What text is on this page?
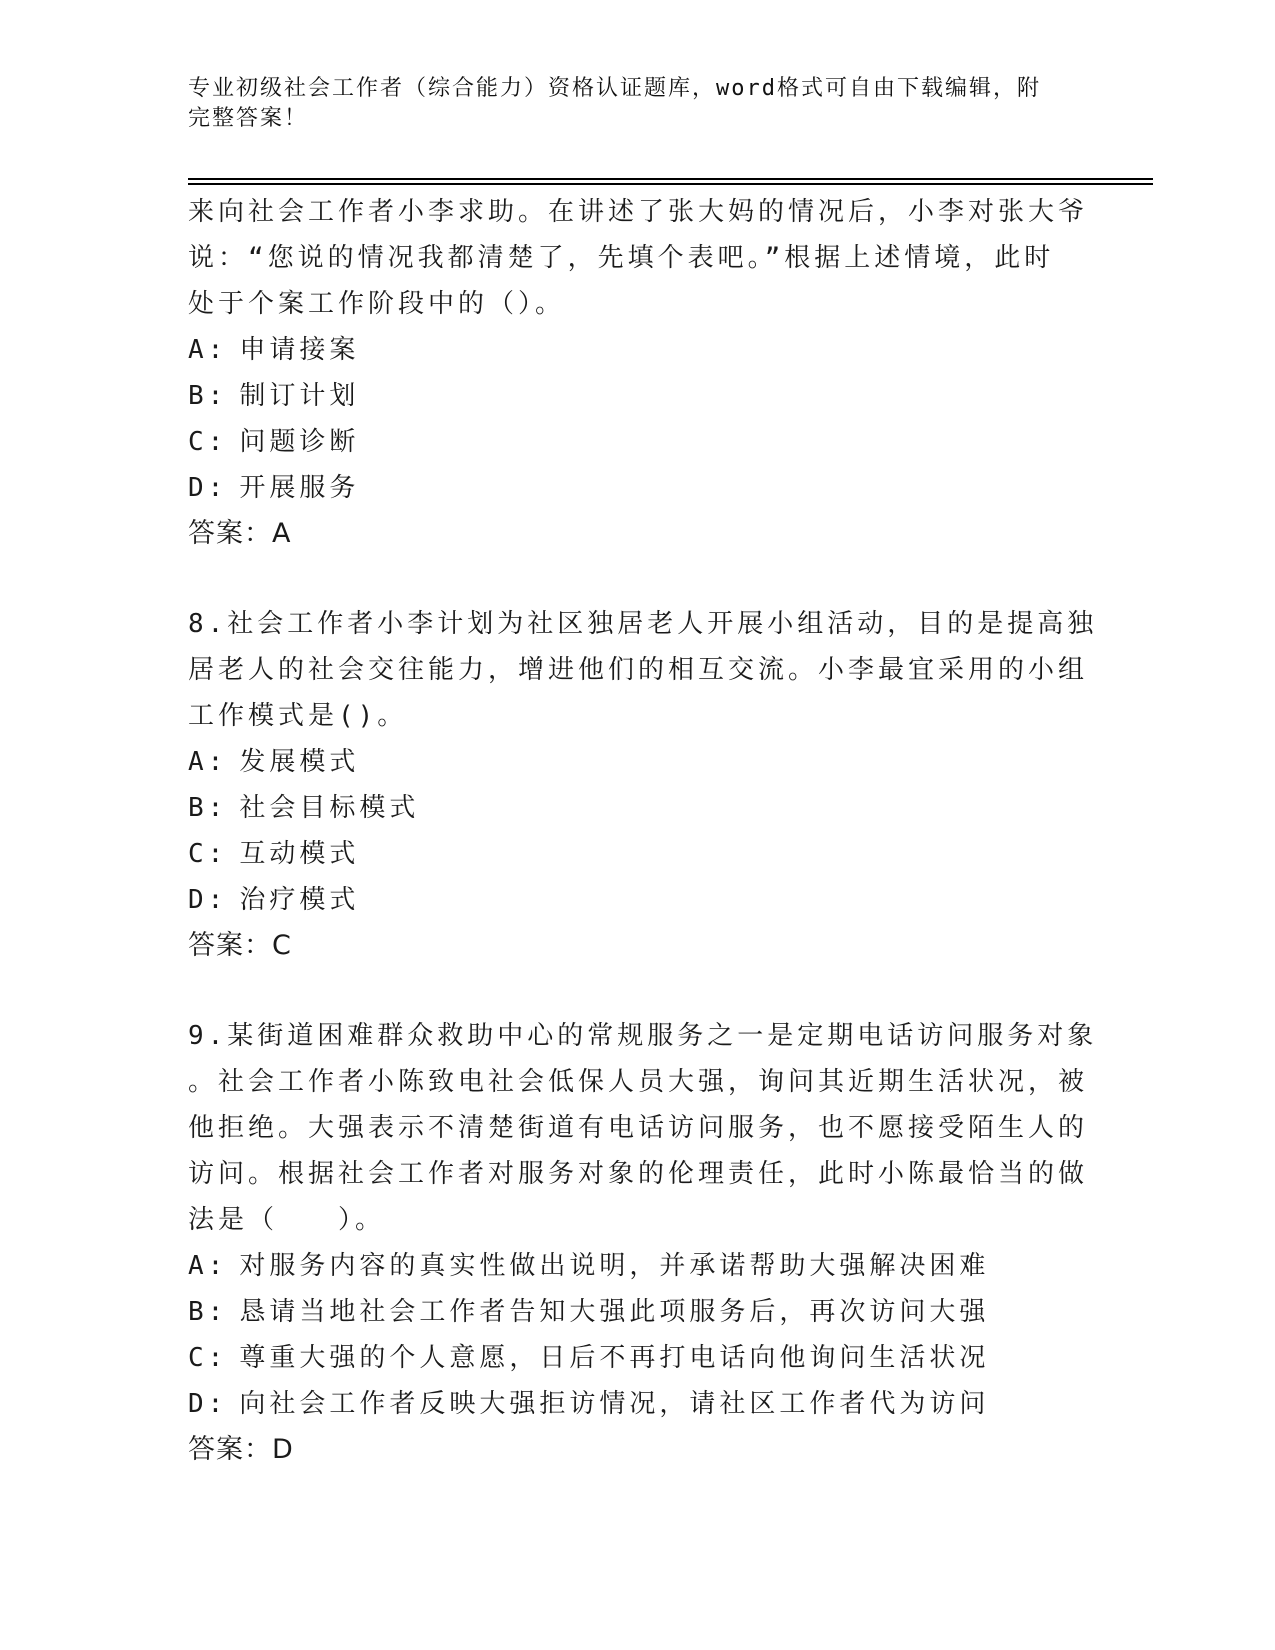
专业初级社会工作者（综合能力）资格认证题库，word格式可自由下载编辑，附
完整答案！
来向社会工作者小李求助。在讲述了张大妈的情况后，小李对张大爷
说：“您说的情况我都清楚了，先填个表吧。”根据上述情境，此时
处于个案工作阶段中的（）。
A: 申请接案
B: 制订计划
C: 问题诊断
D: 开展服务
答案：A
8.社会工作者小李计划为社区独居老人开展小组活动，目的是提高独
居老人的社会交往能力，增进他们的相互交流。小李最宜采用的小组
工作模式是()。
A: 发展模式
B: 社会目标模式
C: 互动模式
D: 治疗模式
答案：C
9.某街道困难群众救助中心的常规服务之一是定期电话访问服务对象
。社会工作者小陈致电社会低保人员大强，询问其近期生活状况，被
他拒绝。大强表示不清楚街道有电话访问服务，也不愿接受陌生人的
访问。根据社会工作者对服务对象的伦理责任，此时小陈最恰当的做
法是（　　）。
A: 对服务内容的真实性做出说明，并承诺帮助大强解决困难
B: 恳请当地社会工作者告知大强此项服务后，再次访问大强
C: 尊重大强的个人意愿，日后不再打电话向他询问生活状况
D: 向社会工作者反映大强拒访情况，请社区工作者代为访问
答案：D
